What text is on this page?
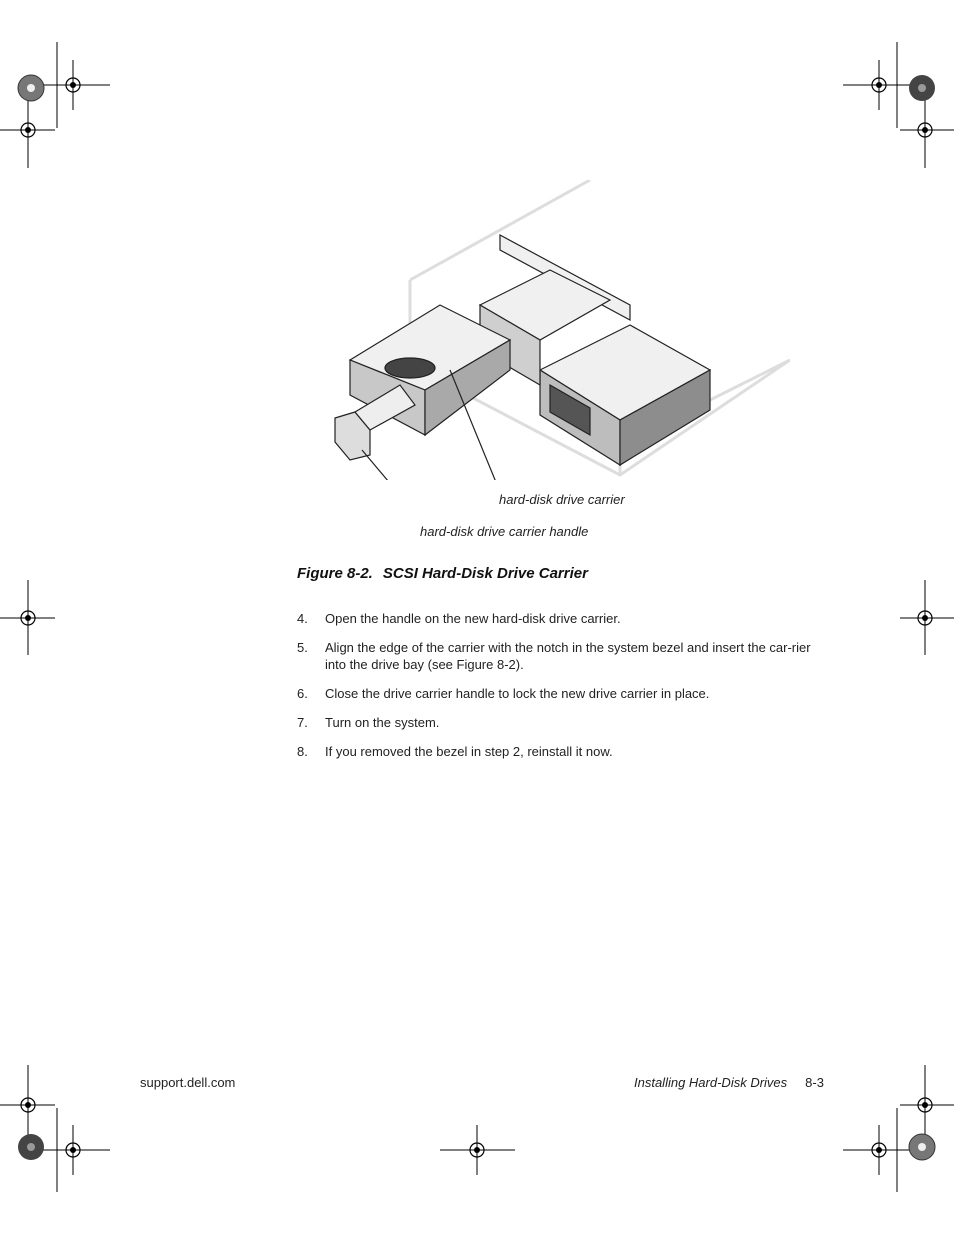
hard-disk drive carrier
hard-disk drive carrier handle
Figure 8-2. SCSI Hard-Disk Drive Carrier
4. Open the handle on the new hard-disk drive carrier.
5. Align the edge of the carrier with the notch in the system bezel and insert the car-rier into the drive bay (see Figure 8-2).
6. Close the drive carrier handle to lock the new drive carrier in place.
7. Turn on the system.
8. If you removed the bezel in step 2, reinstall it now.
support.dell.com	Installing Hard-Disk Drives 8-3
